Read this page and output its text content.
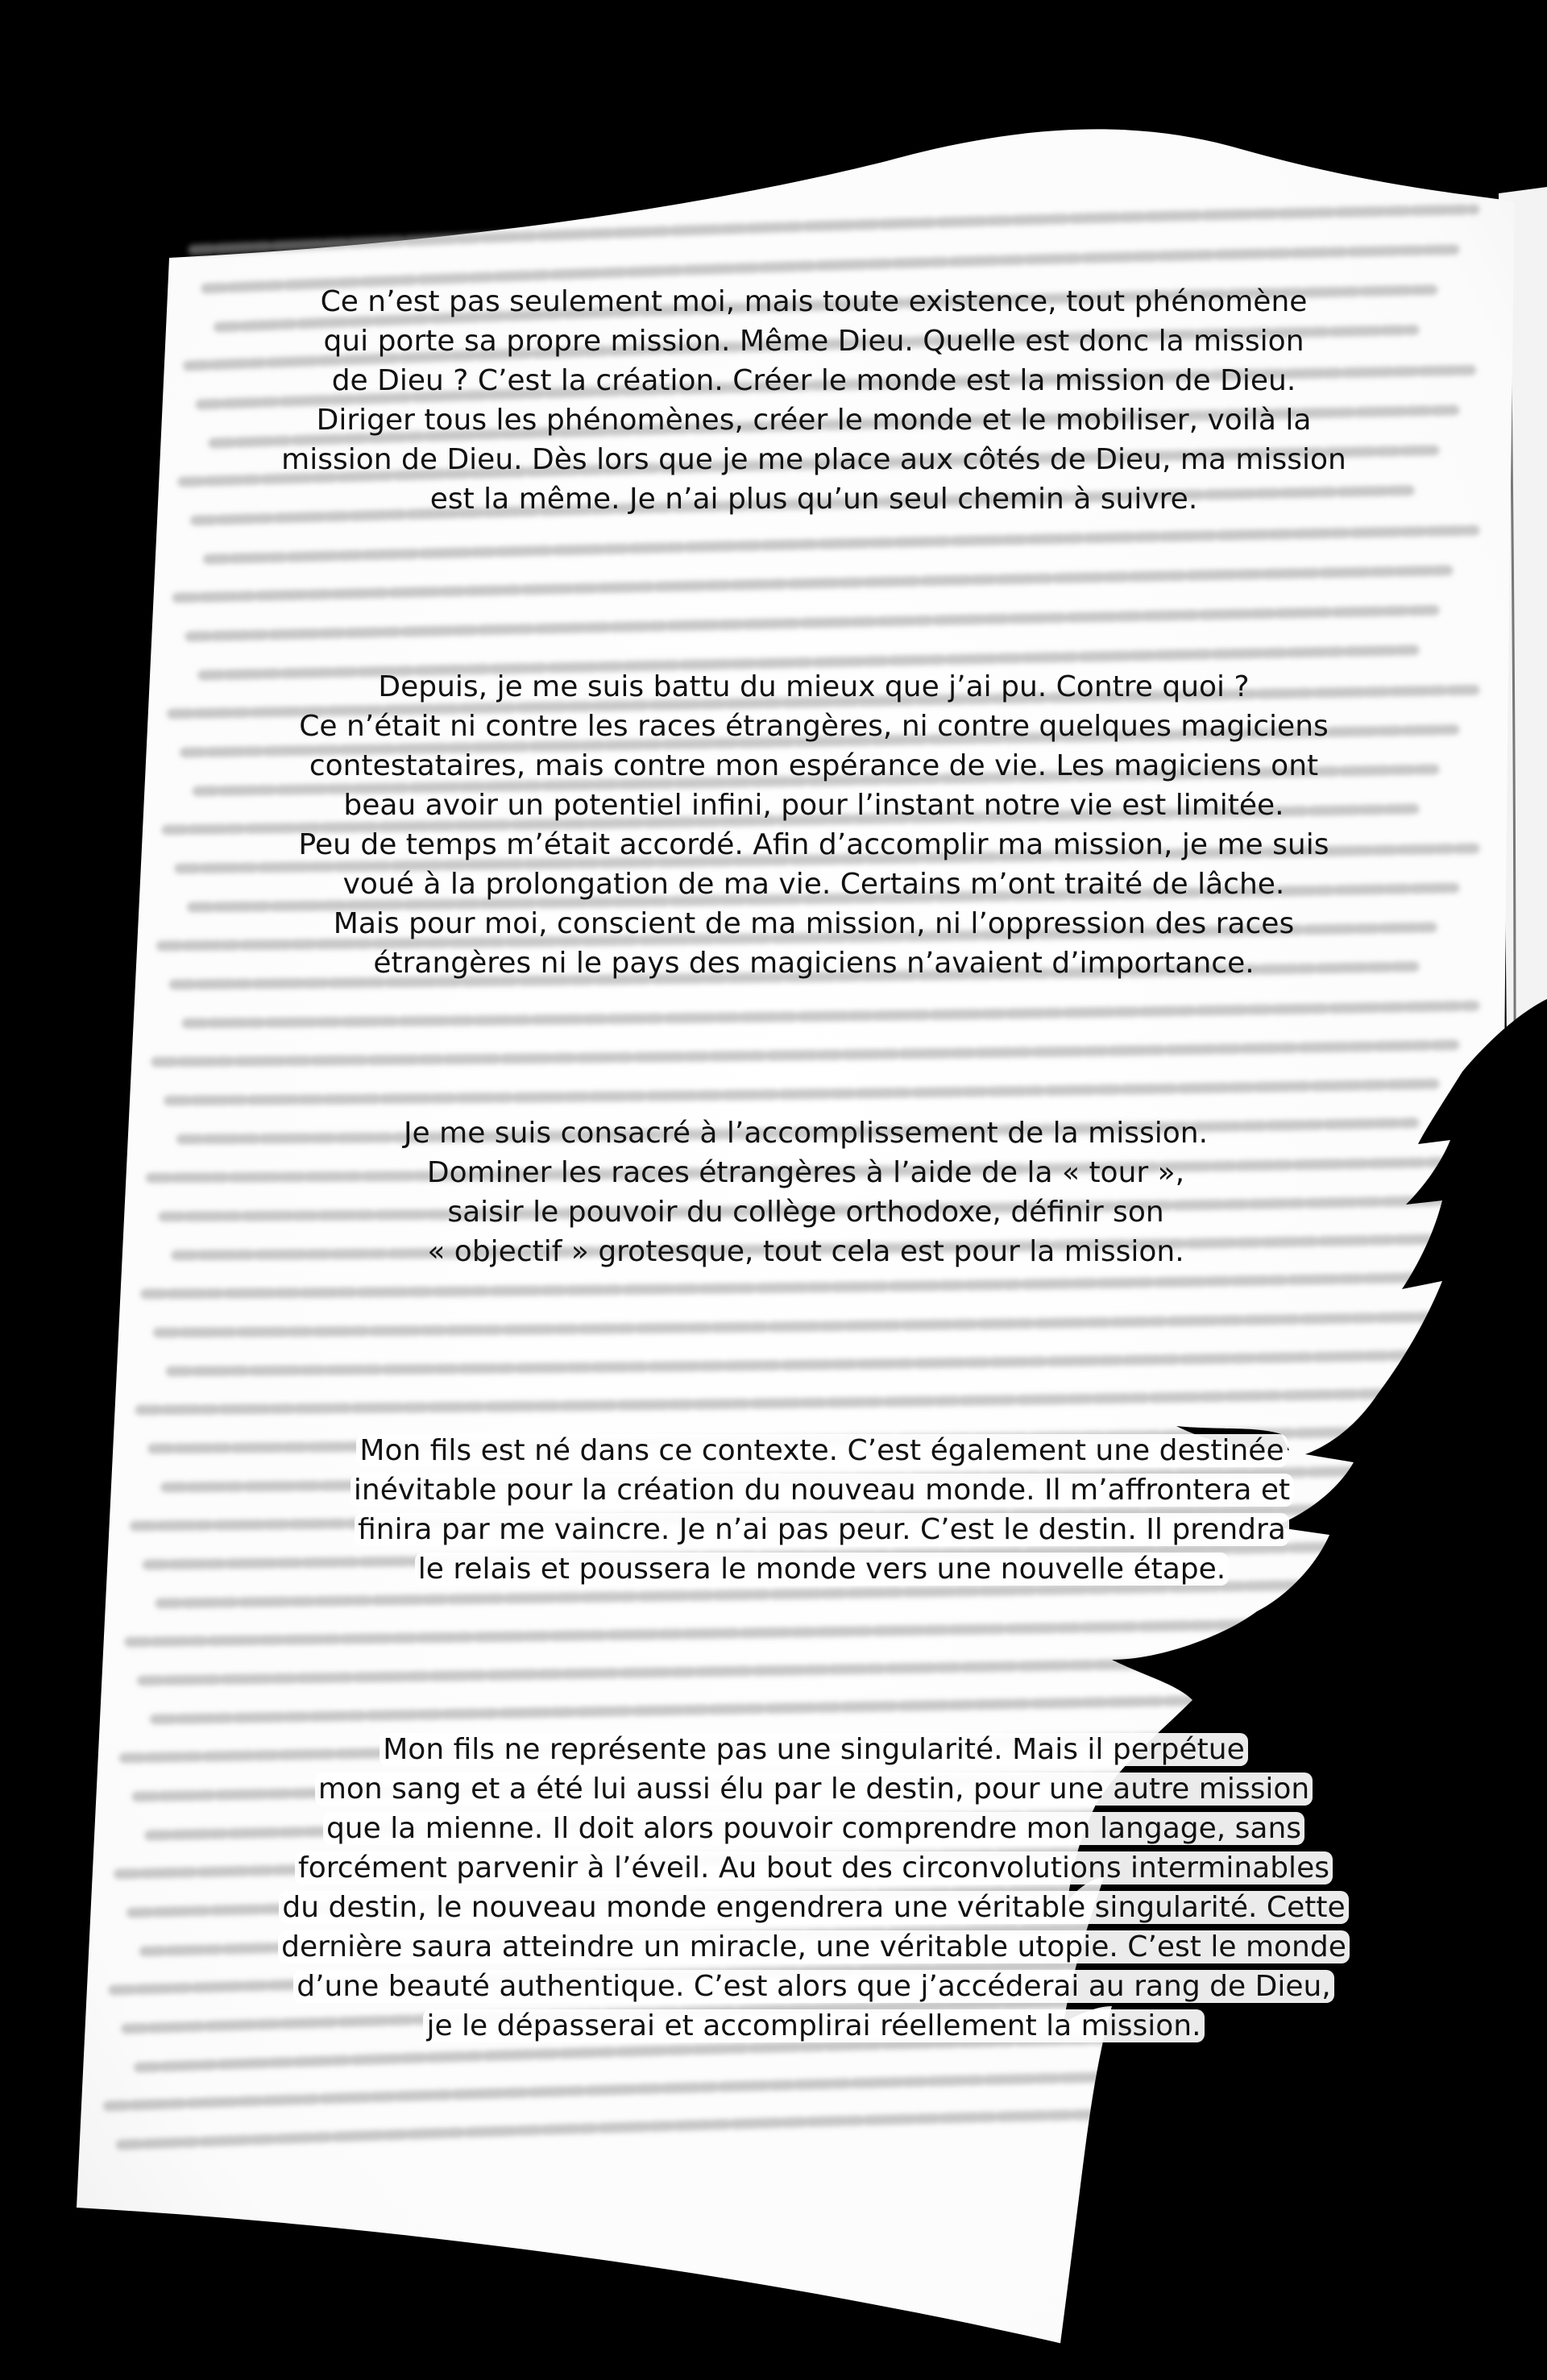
Ce n’est pas seulement moi, mais toute existence, tout phénomène
qui porte sa propre mission. Même Dieu. Quelle est donc la mission
de Dieu ? C’est la création. Créer le monde est la mission de Dieu.
Diriger tous les phénomènes, créer le monde et le mobiliser, voilà la
mission de Dieu. Dès lors que je me place aux côtés de Dieu, ma mission
est la même. Je n’ai plus qu’un seul chemin à suivre.

Depuis, je me suis battu du mieux que j’ai pu. Contre quoi ?
Ce n’était ni contre les races étrangères, ni contre quelques magiciens
contestataires, mais contre mon espérance de vie. Les magiciens ont
beau avoir un potentiel infini, pour l’instant notre vie est limitée.
Peu de temps m’était accordé. Afin d’accomplir ma mission, je me suis
voué à la prolongation de ma vie. Certains m’ont traité de lâche.
Mais pour moi, conscient de ma mission, ni l’oppression des races
étrangères ni le pays des magiciens n’avaient d’importance.

Je me suis consacré à l’accomplissement de la mission.
Dominer les races étrangères à l’aide de la « tour »,
saisir le pouvoir du collège orthodoxe, définir son
« objectif » grotesque, tout cela est pour la mission.

Mon fils est né dans ce contexte. C’est également une destinée
inévitable pour la création du nouveau monde. Il m’affrontera et
finira par me vaincre. Je n’ai pas peur. C’est le destin. Il prendra
le relais et poussera le monde vers une nouvelle étape.

Mon fils ne représente pas une singularité. Mais il perpétue
mon sang et a été lui aussi élu par le destin, pour une autre mission
que la mienne. Il doit alors pouvoir comprendre mon langage, sans
forcément parvenir à l’éveil. Au bout des circonvolutions interminables
du destin, le nouveau monde engendrera une véritable singularité. Cette
dernière saura atteindre un miracle, une véritable utopie. C’est le monde
d’une beauté authentique. C’est alors que j’accéderai au rang de Dieu,
je le dépasserai et accomplirai réellement la mission.
